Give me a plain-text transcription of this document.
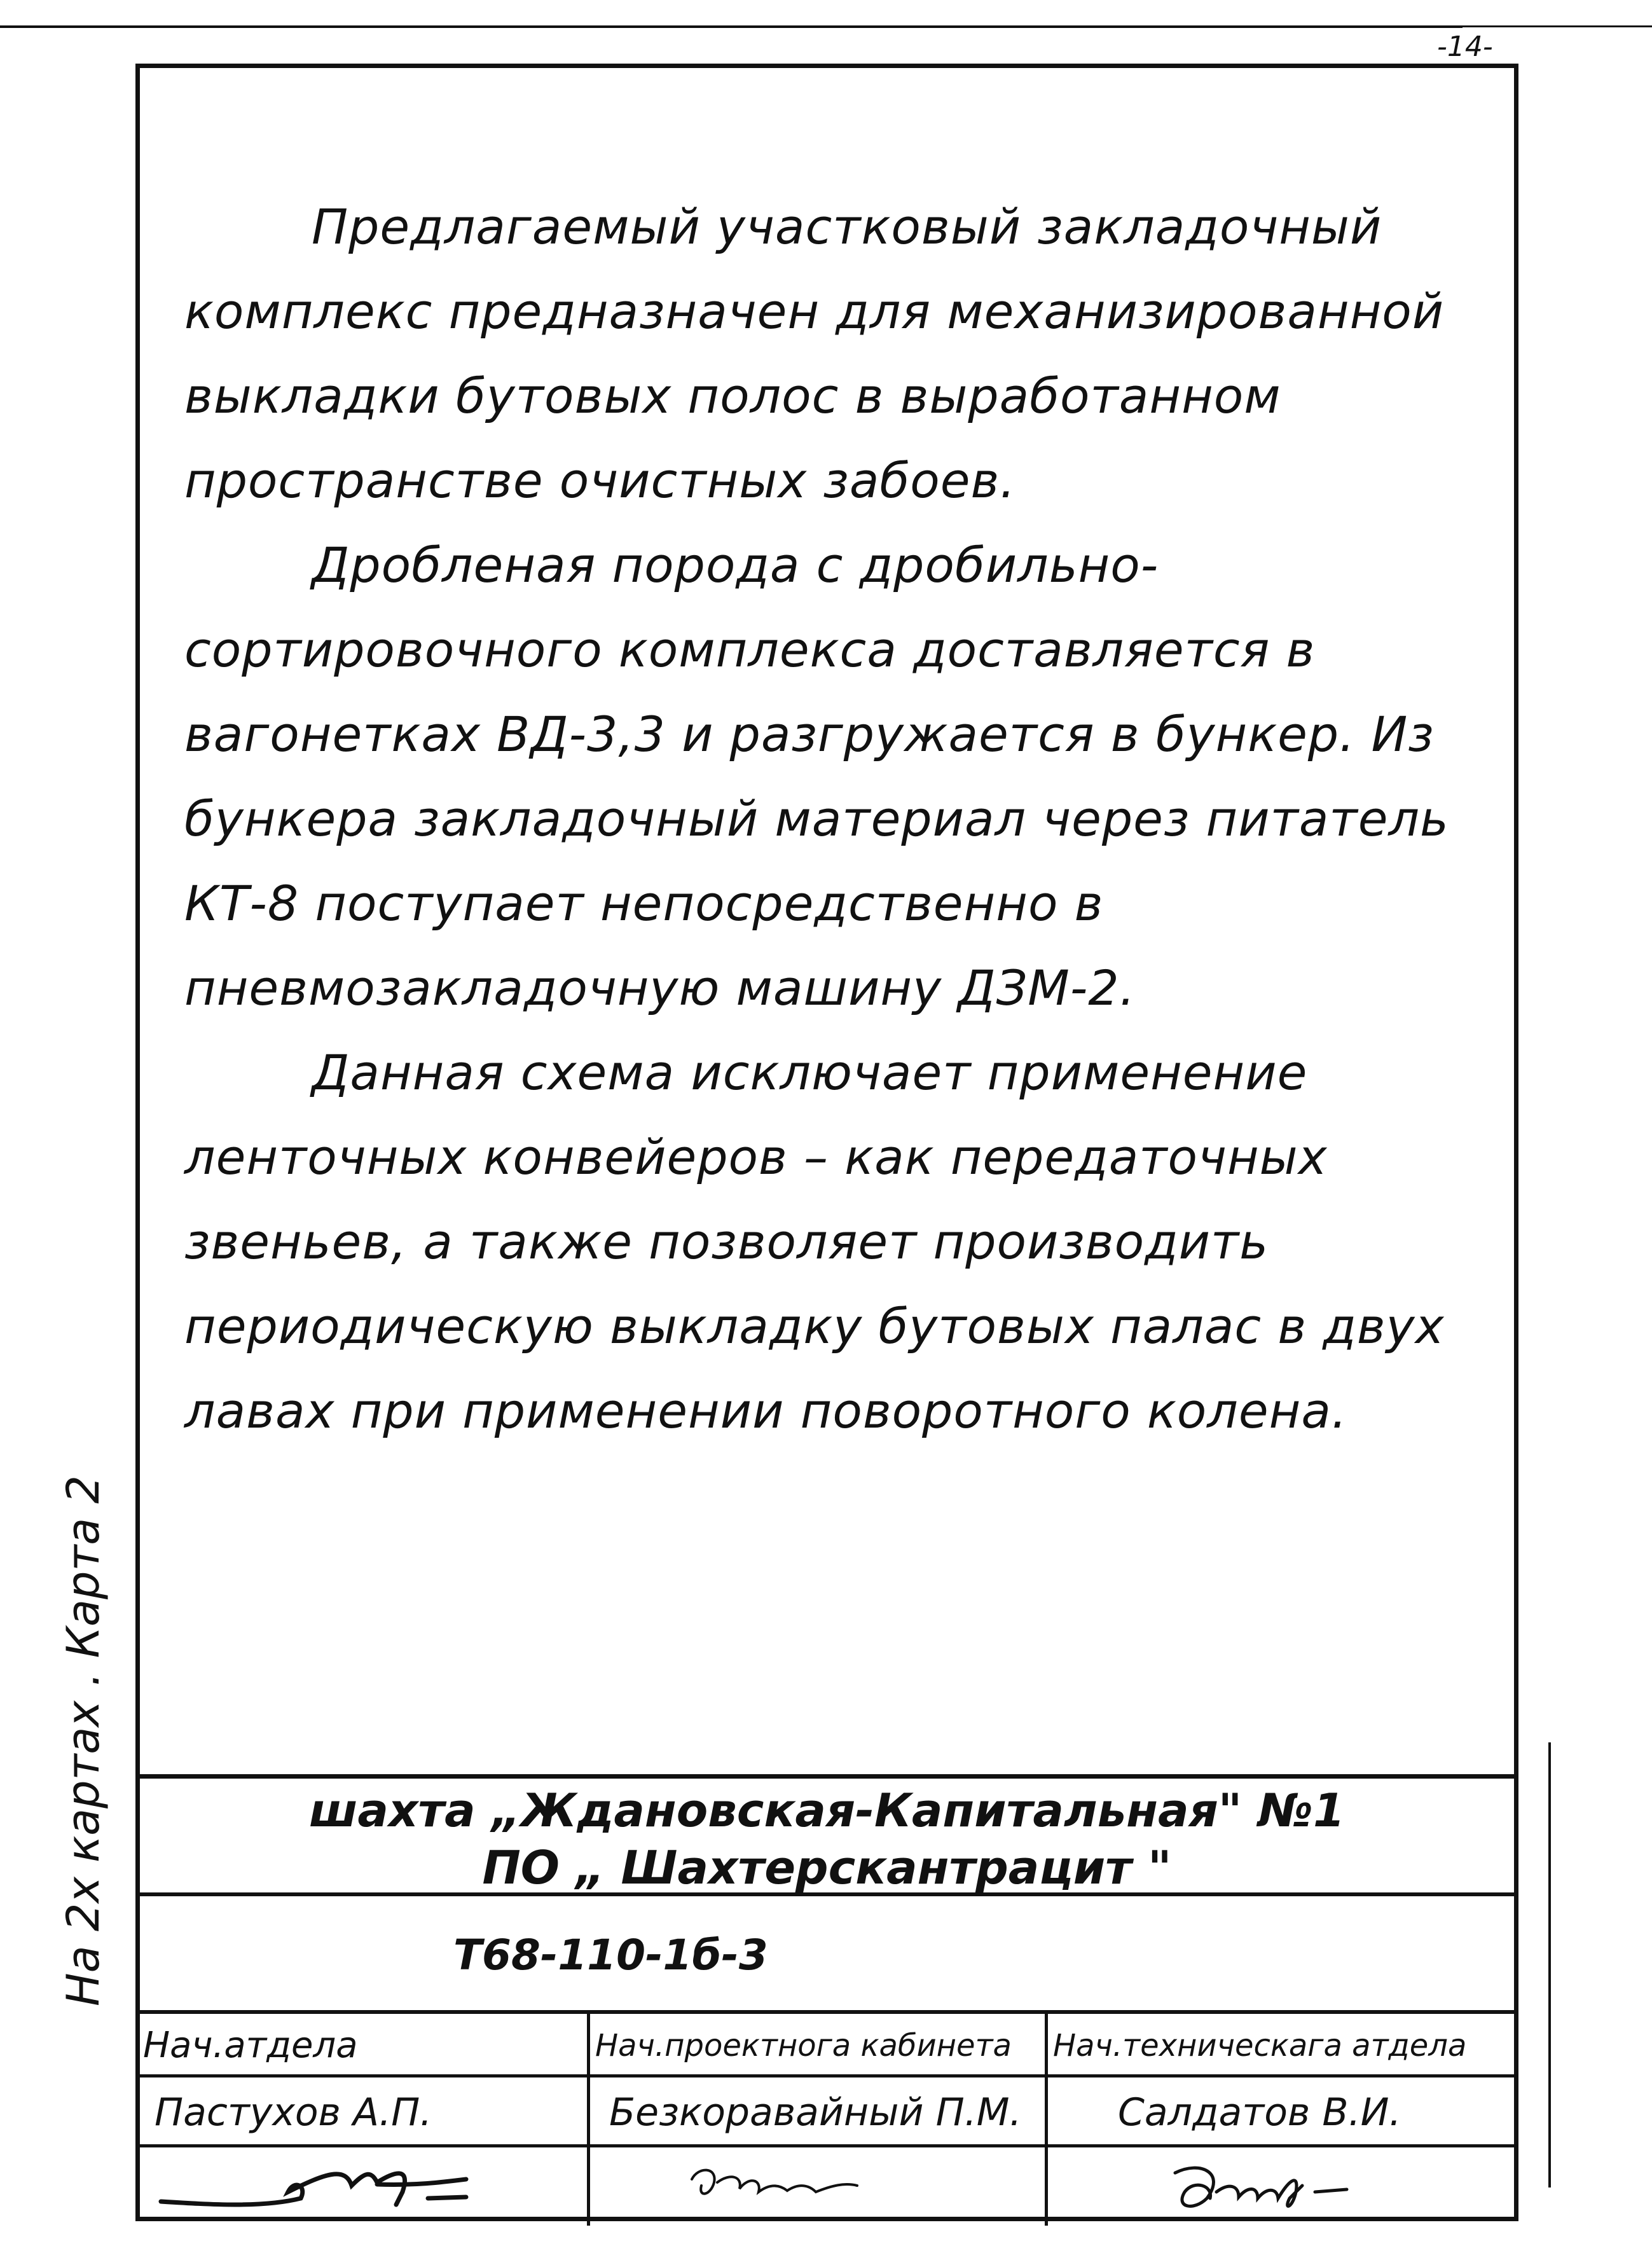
-14-

Предлагаемый участковый закладочный комплекс предназначен для механизированной выкладки бутовых полос в выработанном пространстве очистных забоев.

Дробленая порода с дробильно-сортировочного комплекса доставляется в вагонетках ВД-3,3 и разгружается в бункер. Из бункера закладочный материал через питатель КТ-8 поступает непосредственно в пневмозакладочную машину ДЗМ-2.

Данная схема исключает применение ленточных конвейеров – как передаточных звеньев, а также позволяет производить периодическую выкладку бутовых палас в двух лавах при применении поворотного колена.

На 2х картах . Карта 2	шахта „Ждановская-Капитальная" №1
ПО „ Шахтерскантрацит "
Т68-110-1б-3
Нач.атдела
Пастухов А.П.
Нач.проектнога кабинета
Безкоравайный П.М.
Нач.техническага атдела
Салдатов В.И.
